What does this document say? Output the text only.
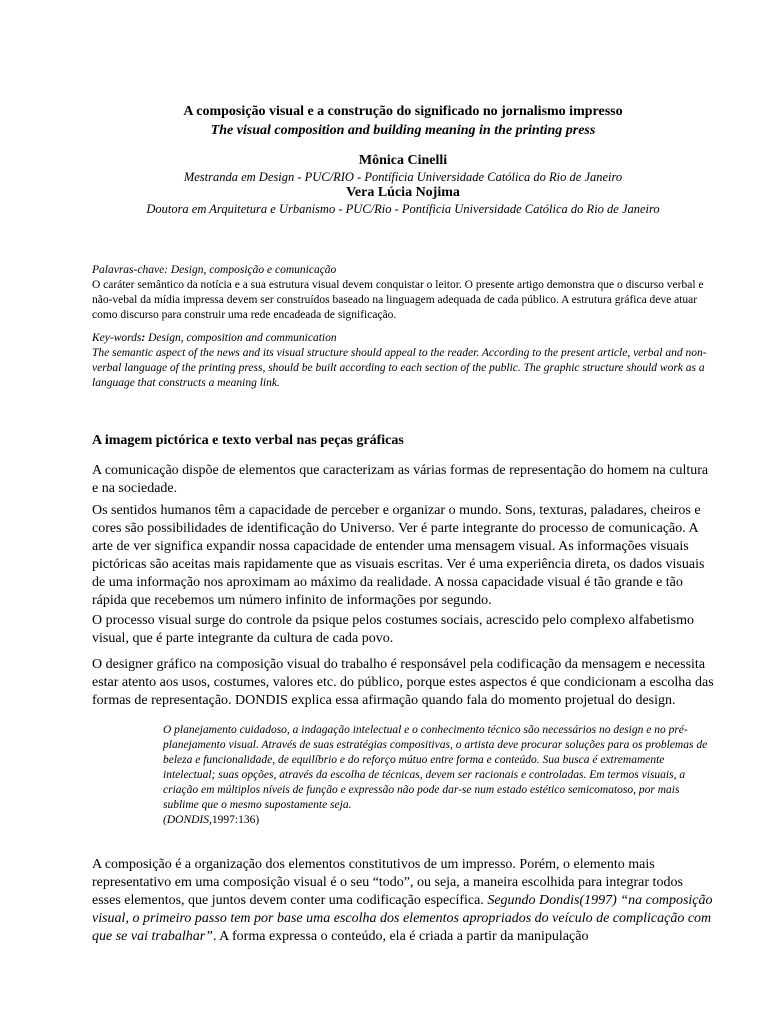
A composição visual e a construção do significado no jornalismo impresso
The visual composition and building meaning in the printing press
Mônica Cinelli
Mestranda em Design - PUC/RIO - Pontíficia Universidade Católica do Rio de Janeiro
Vera Lúcia Nojima
Doutora em Arquitetura e Urbanismo - PUC/Rio - Pontíficia Universidade Católica do Rio de Janeiro

Palavras-chave: Design, composição e comunicação

O caráter semântico da notícia e a sua estrutura visual devem conquistar o leitor. O presente artigo demonstra que o discurso verbal e não-vebal da mídia impressa devem ser construídos baseado na linguagem adequada de cada público. A estrutura gráfica deve atuar como discurso para construir uma rede encadeada de significação.

Key-words: Design, composition and communication

The semantic aspect of the news and its visual structure should appeal to the reader. According to the present article, verbal and non-verbal language of the printing press, should be built according to each section of the public. The graphic structure should work as a language that constructs a meaning link.

A imagem pictórica e texto verbal nas peças gráficas

A comunicação dispõe de elementos que caracterizam as várias formas de representação do homem na cultura e na sociedade.

Os sentidos humanos têm a capacidade de perceber e organizar o mundo. Sons, texturas, paladares, cheiros e cores são possibilidades de identificação do Universo. Ver é parte integrante do processo de comunicação. A arte de ver significa expandir nossa capacidade de entender uma mensagem visual. As informações visuais pictóricas são aceitas mais rapidamente que as visuais escritas. Ver é uma experiência direta, os dados visuais de uma informação nos aproximam ao máximo da realidade. A nossa capacidade visual é tão grande e tão rápida que recebemos um número infinito de informações por segundo.

O processo visual surge do controle da psique pelos costumes sociais, acrescido pelo complexo alfabetismo visual, que é parte integrante da cultura de cada povo.

O designer gráfico na composição visual do trabalho é responsável pela codificação da mensagem e necessita estar atento aos usos, costumes, valores etc. do público, porque estes aspectos é que condicionam a escolha das formas de representação. DONDIS explica essa afirmação quando fala do momento projetual do design.

O planejamento cuidadoso, a indagação intelectual e o conhecimento técnico são necessários no design e no pré-planejamento visual. Através de suas estratégias compositivas, o artista deve procurar soluções para os problemas de beleza e funcionalidade, de equilíbrio e do reforço mútuo entre forma e conteúdo. Sua busca é extremamente intelectual; suas opções, através da escolha de técnicas, devem ser racionais e controladas. Em termos visuais, a criação em múltiplos níveis de função e expressão não pode dar-se num estado estético semicomatoso, por mais sublime que o mesmo supostamente seja.

(DONDIS,1997:136)

A composição é a organização dos elementos constitutivos de um impresso. Porém, o elemento mais representativo em uma composição visual é o seu “todo”, ou seja, a maneira escolhida para integrar todos esses elementos, que juntos devem conter uma codificação específica. Segundo Dondis(1997) “na composição visual, o primeiro passo tem por base uma escolha dos elementos apropriados do veículo de complicação com que se vai trabalhar”. A forma expressa o conteúdo, ela é criada a partir da manipulação
